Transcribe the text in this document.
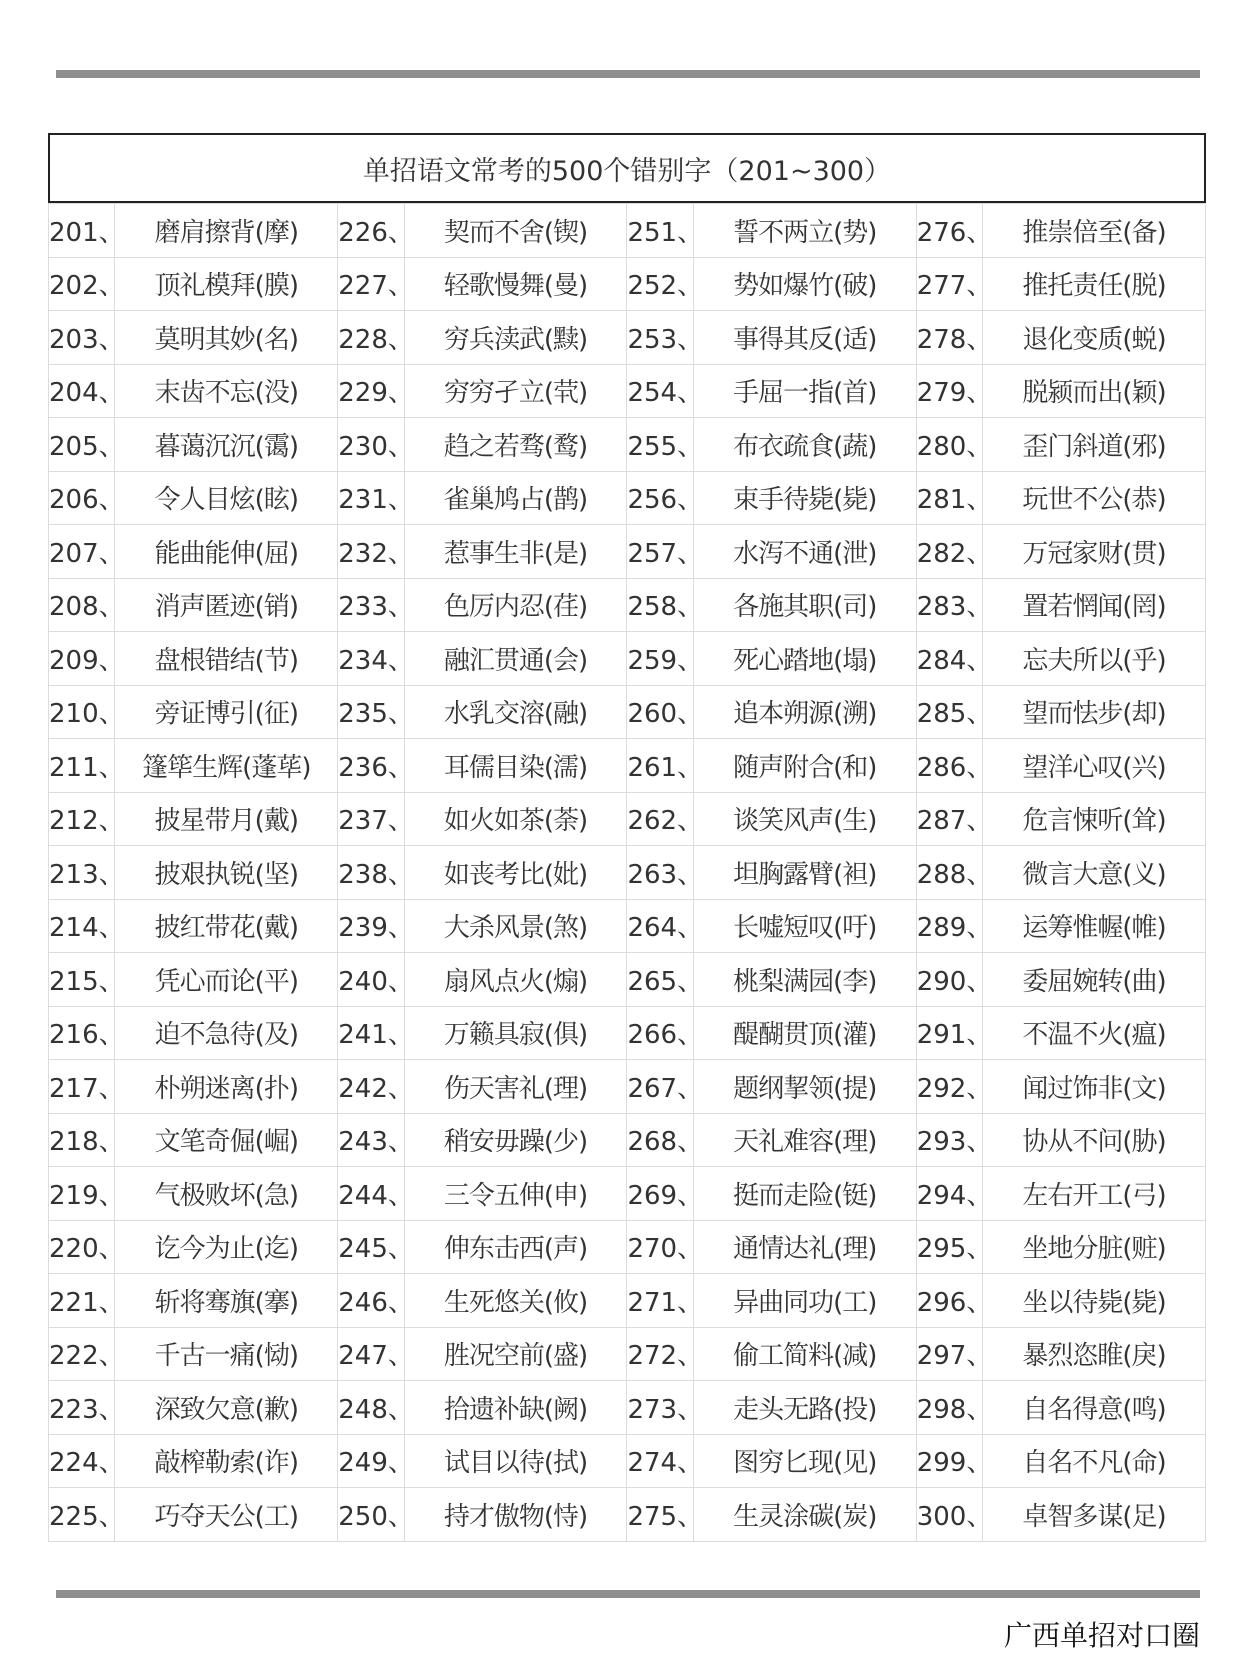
单招语文常考的500个错别字（201~300）
201、	磨肩擦背(摩)	226、	契而不舍(锲)	251、	誓不两立(势)	276、	推崇倍至(备)
202、	顶礼模拜(膜)	227、	轻歌慢舞(曼)	252、	势如爆竹(破)	277、	推托责任(脱)
203、	莫明其妙(名)	228、	穷兵渎武(黩)	253、	事得其反(适)	278、	退化变质(蜕)
204、	末齿不忘(没)	229、	穷穷孑立(茕)	254、	手屈一指(首)	279、	脱颍而出(颖)
205、	暮蔼沉沉(霭)	230、	趋之若骛(鹜)	255、	布衣疏食(蔬)	280、	歪门斜道(邪)
206、	令人目炫(眩)	231、	雀巢鸠占(鹊)	256、	束手待毙(毙)	281、	玩世不公(恭)
207、	能曲能伸(屈)	232、	惹事生非(是)	257、	水泻不通(泄)	282、	万冠家财(贯)
208、	消声匿迹(销)	233、	色厉内忍(荏)	258、	各施其职(司)	283、	置若惘闻(罔)
209、	盘根错结(节)	234、	融汇贯通(会)	259、	死心踏地(塌)	284、	忘夫所以(乎)
210、	旁证博引(征)	235、	水乳交溶(融)	260、	追本朔源(溯)	285、	望而怯步(却)
211、	篷筚生辉(蓬荜)	236、	耳儒目染(濡)	261、	随声附合(和)	286、	望洋心叹(兴)
212、	披星带月(戴)	237、	如火如茶(荼)	262、	谈笑风声(生)	287、	危言悚听(耸)
213、	披艰执锐(坚)	238、	如丧考比(妣)	263、	坦胸露臂(袒)	288、	微言大意(义)
214、	披红带花(戴)	239、	大杀风景(煞)	264、	长嘘短叹(吁)	289、	运筹惟幄(帷)
215、	凭心而论(平)	240、	扇风点火(煽)	265、	桃梨满园(李)	290、	委屈婉转(曲)
216、	迫不急待(及)	241、	万籁具寂(俱)	266、	醍醐贯顶(灌)	291、	不温不火(瘟)
217、	朴朔迷离(扑)	242、	伤天害礼(理)	267、	题纲挈领(提)	292、	闻过饰非(文)
218、	文笔奇倔(崛)	243、	稍安毋躁(少)	268、	天礼难容(理)	293、	协从不问(胁)
219、	气极败坏(急)	244、	三令五伸(申)	269、	挺而走险(铤)	294、	左右开工(弓)
220、	讫今为止(迄)	245、	伸东击西(声)	270、	通情达礼(理)	295、	坐地分脏(赃)
221、	斩将骞旗(搴)	246、	生死悠关(攸)	271、	异曲同功(工)	296、	坐以待毙(毙)
222、	千古一痛(恸)	247、	胜况空前(盛)	272、	偷工简料(减)	297、	暴烈恣睢(戾)
223、	深致欠意(歉)	248、	拾遗补缺(阙)	273、	走头无路(投)	298、	自名得意(鸣)
224、	敲榨勒索(诈)	249、	试目以待(拭)	274、	图穷匕现(见)	299、	自名不凡(命)
225、	巧夺天公(工)	250、	持才傲物(恃)	275、	生灵涂碳(炭)	300、	卓智多谋(足)
广西单招对口圈
